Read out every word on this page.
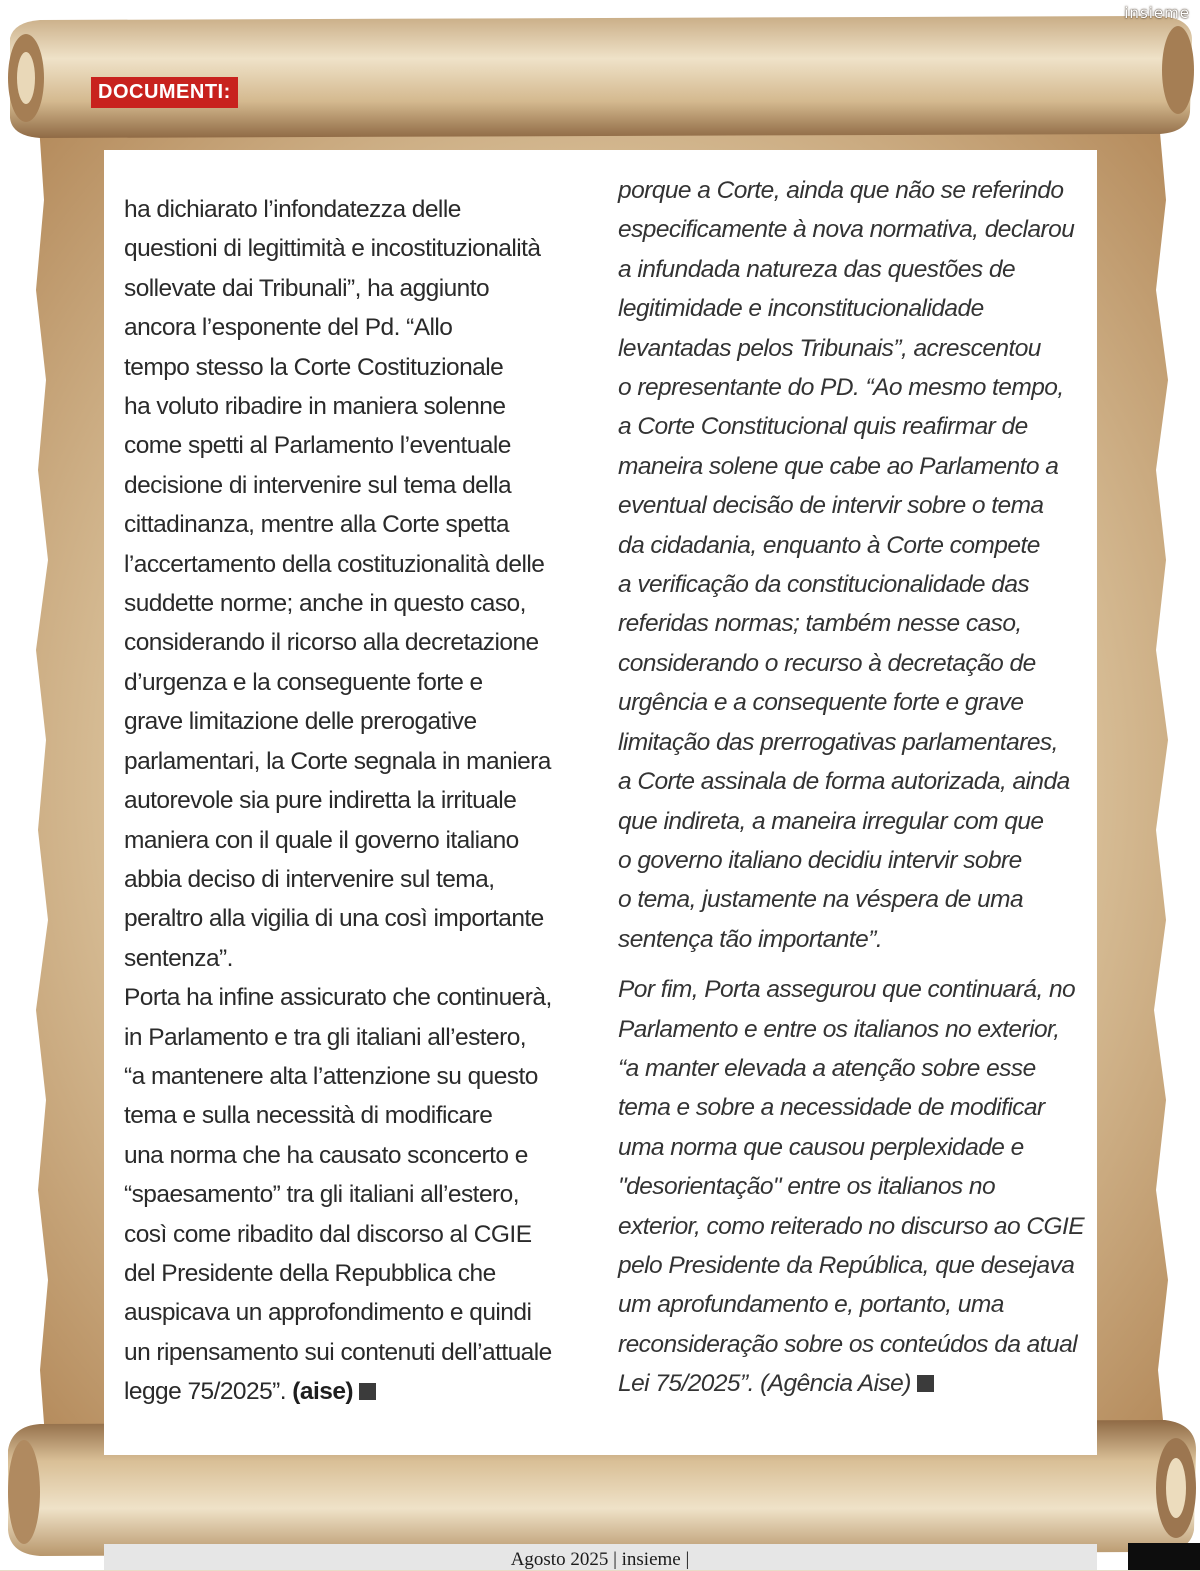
insieme
DOCUMENTI:
ha dichiarato l’infondatezza delle
questioni di legittimità e incostituzionalità
sollevate dai Tribunali”, ha aggiunto
ancora l’esponente del Pd. “Allo
tempo stesso la Corte Costituzionale
ha voluto ribadire in maniera solenne
come spetti al Parlamento l’eventuale
decisione di intervenire sul tema della
cittadinanza, mentre alla Corte spetta
l’accertamento della costituzionalità delle
suddette norme; anche in questo caso,
considerando il ricorso alla decretazione
d’urgenza e la conseguente forte e
grave limitazione delle prerogative
parlamentari, la Corte segnala in maniera
autorevole sia pure indiretta la irrituale
maniera con il quale il governo italiano
abbia deciso di intervenire sul tema,
peraltro alla vigilia di una così importante
sentenza”.
Porta ha infine assicurato che continuerà,
in Parlamento e tra gli italiani all’estero,
“a mantenere alta l’attenzione su questo
tema e sulla necessità di modificare
una norma che ha causato sconcerto e
“spaesamento” tra gli italiani all’estero,
così come ribadito dal discorso al CGIE
del Presidente della Repubblica che
auspicava un approfondimento e quindi
un ripensamento sui contenuti dell’attuale
legge 75/2025”. (aise)
porque a Corte, ainda que não se referindo
especificamente à nova normativa, declarou
a infundada natureza das questões de
legitimidade e inconstitucionalidade
levantadas pelos Tribunais”, acrescentou
o representante do PD. “Ao mesmo tempo,
a Corte Constitucional quis reafirmar de
maneira solene que cabe ao Parlamento a
eventual decisão de intervir sobre o tema
da cidadania, enquanto à Corte compete
a verificação da constitucionalidade das
referidas normas; também nesse caso,
considerando o recurso à decretação de
urgência e a consequente forte e grave
limitação das prerrogativas parlamentares,
a Corte assinala de forma autorizada, ainda
que indireta, a maneira irregular com que
o governo italiano decidiu intervir sobre
o tema, justamente na véspera de uma
sentença tão importante”.
Por fim, Porta assegurou que continuará, no
Parlamento e entre os italianos no exterior,
“a manter elevada a atenção sobre esse
tema e sobre a necessidade de modificar
uma norma que causou perplexidade e
"desorientação" entre os italianos no
exterior, como reiterado no discurso ao CGIE
pelo Presidente da República, que desejava
um aprofundamento e, portanto, uma
reconsideração sobre os conteúdos da atual
Lei 75/2025”. (Agência Aise)
Agosto 2025 | insieme |
